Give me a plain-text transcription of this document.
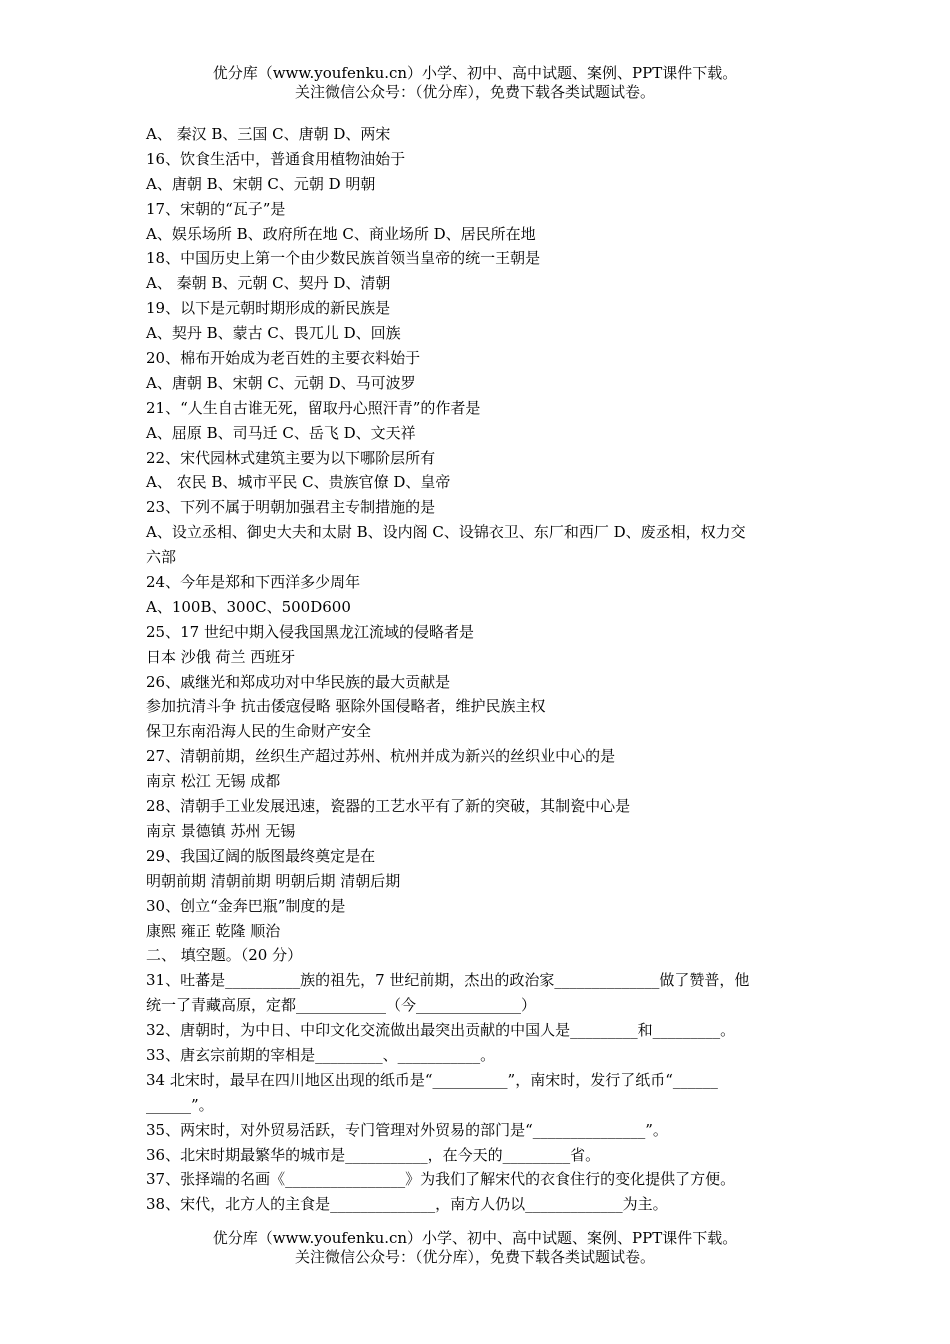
优分库（www.youfenku.cn）小学、初中、高中试题、案例、PPT课件下载。
关注微信公众号：（优分库），免费下载各类试题试卷。
A、 秦汉 B、三国 C、唐朝 D、两宋
16、饮食生活中，普通食用植物油始于
A、唐朝 B、宋朝 C、元朝 D 明朝
17、宋朝的“瓦子”是
A、娱乐场所 B、政府所在地 C、商业场所 D、居民所在地
18、中国历史上第一个由少数民族首领当皇帝的统一王朝是
A、 秦朝 B、元朝 C、契丹 D、清朝
19、以下是元朝时期形成的新民族是
A、契丹 B、蒙古 C、畏兀儿 D、回族
20、棉布开始成为老百姓的主要衣料始于
A、唐朝 B、宋朝 C、元朝 D、马可波罗
21、“人生自古谁无死，留取丹心照汗青”的作者是
A、屈原 B、司马迁 C、岳飞 D、文天祥
22、宋代园林式建筑主要为以下哪阶层所有
A、 农民 B、城市平民 C、贵族官僚 D、皇帝
23、下列不属于明朝加强君主专制措施的是
A、设立丞相、御史大夫和太尉 B、设内阁 C、设锦衣卫、东厂和西厂 D、废丞相，权力交
六部
24、今年是郑和下西洋多少周年
A、100B、300C、500D600
25、17 世纪中期入侵我国黑龙江流域的侵略者是
日本 沙俄 荷兰 西班牙
26、戚继光和郑成功对中华民族的最大贡献是
参加抗清斗争 抗击倭寇侵略 驱除外国侵略者，维护民族主权
保卫东南沿海人民的生命财产安全
27、清朝前期，丝织生产超过苏州、杭州并成为新兴的丝织业中心的是
南京 松江 无锡 成都
28、清朝手工业发展迅速，瓷器的工艺水平有了新的突破，其制瓷中心是
南京 景德镇 苏州 无锡
29、我国辽阔的版图最终奠定是在
明朝前期 清朝前期 明朝后期 清朝后期
30、创立“金奔巴瓶”制度的是
康熙 雍正 乾隆 顺治
二、 填空题。（20 分）
31、吐蕃是__________族的祖先，7 世纪前期，杰出的政治家______________做了赞普，他
统一了青藏高原，定都____________（今______________）
32、唐朝时，为中日、中印文化交流做出最突出贡献的中国人是_________和_________。
33、唐玄宗前期的宰相是_________、___________。
34 北宋时，最早在四川地区出现的纸币是“__________”，南宋时，发行了纸币“______
______”。
35、两宋时，对外贸易活跃，专门管理对外贸易的部门是“_______________”。
36、北宋时期最繁华的城市是___________，在今天的_________省。
37、张择端的名画《________________》为我们了解宋代的衣食住行的变化提供了方便。
38、宋代，北方人的主食是______________，南方人仍以_____________为主。
优分库（www.youfenku.cn）小学、初中、高中试题、案例、PPT课件下载。
关注微信公众号：（优分库），免费下载各类试题试卷。
